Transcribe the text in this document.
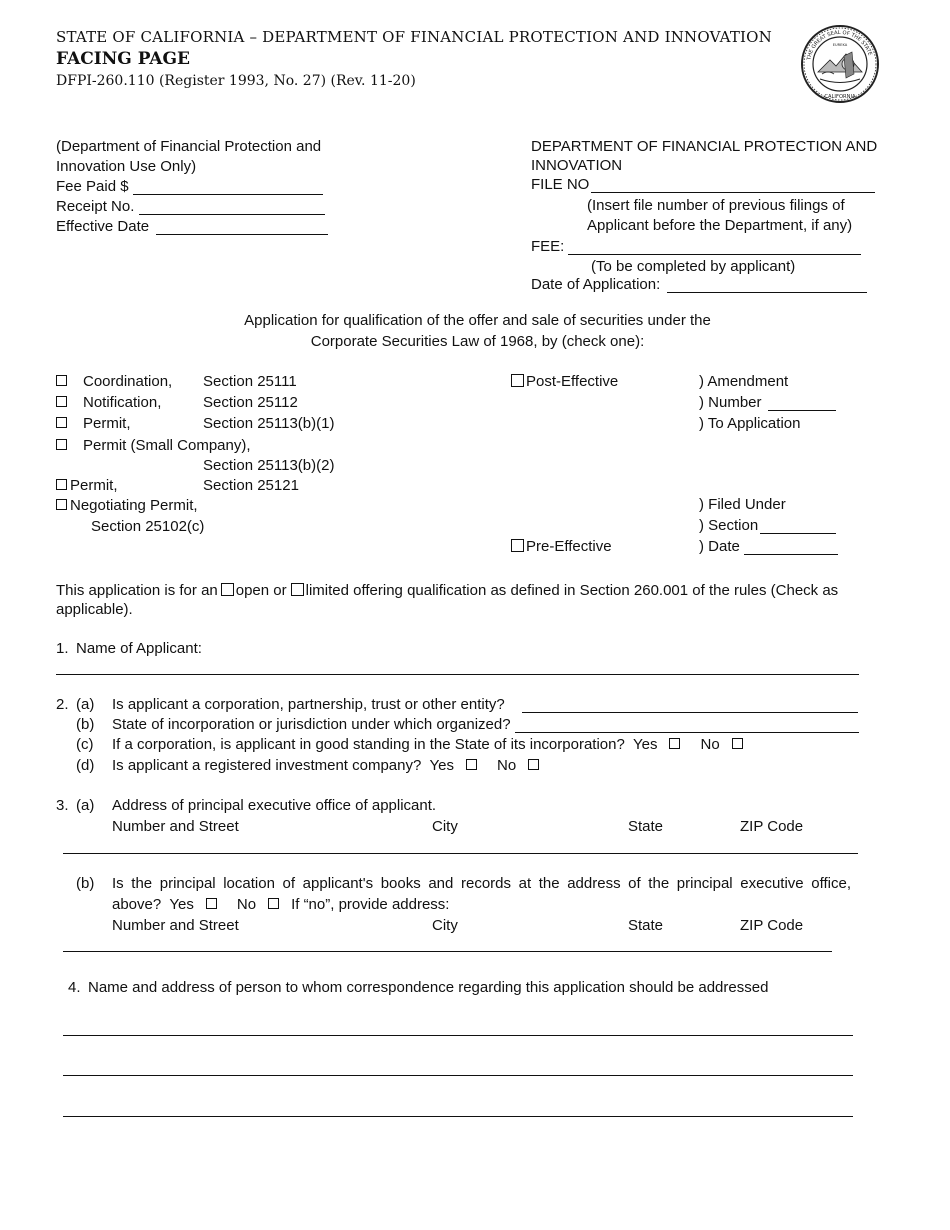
STATE OF CALIFORNIA – DEPARTMENT OF FINANCIAL PROTECTION AND INNOVATION
FACING PAGE
DFPI-260.110 (Register 1993, No. 27) (Rev. 11-20)
THE GREAT SEAL OF THE STATE
CALIFORNIA
EUREKA
(Department of Financial Protection and
Innovation Use Only)
Fee Paid $
Receipt No.
Effective Date
DEPARTMENT OF FINANCIAL PROTECTION AND
INNOVATION
FILE NO
(Insert file number of previous filings of
Applicant before the Department, if any)
FEE:
(To be completed by applicant)
Date of Application:
Application for qualification of the offer and sale of securities under the
Corporate Securities Law of 1968, by (check one):
Coordination, Section 25111
Notification,	Section 25112
Permit,	Section 25113(b)(1)
Permit (Small Company),
Section 25113(b)(2)
Permit,	Section 25121
Negotiating Permit,
Section 25102(c)
Post-Effective
Pre-Effective
) Amendment
) Number
) To Application
) Filed Under
) Section
) Date
This application is for an open or limited offering qualification as defined in Section 260.001 of the rules (Check as
applicable).
1. Name of Applicant:
2. (a) Is applicant a corporation, partnership, trust or other entity?
(b) State of incorporation or jurisdiction under which organized?
(c) If a corporation, is applicant in good standing in the State of its incorporation? Yes	No
(d) Is applicant a registered investment company? Yes	No
3. (a) Address of principal executive office of applicant.
Number and Street	City	State	ZIP Code
(b) Is the principal location of applicant's books and records at the address of the principal executive office,
above? Yes	No If “no”, provide address:
Number and Street	City	State	ZIP Code
4. Name and address of person to whom correspondence regarding this application should be addressed
